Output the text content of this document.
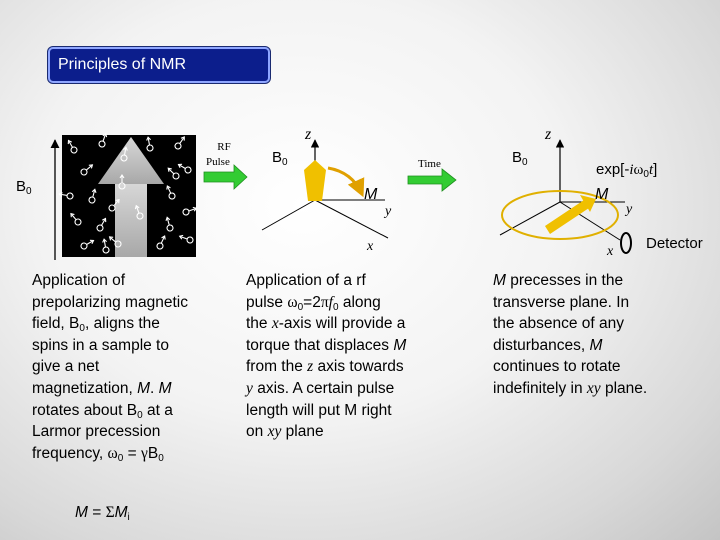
Principles of NMR
$B_0$
RF
Pulse	$B_0$
z
Time
M
y
x
$B_0$
z
$\exp[-i\omega_0t]$
M
y
x Detector
Application of
prepolarizing magnetic
field, $B_0$, aligns the
spins in a sample to
give a net
magnetization, M. M
rotates about $B_0$ at a
Larmor precession
frequency, $\omega_0 = \gamma B_0$
$M = \Sigma M_i$
Application of a rf
pulse $\omega_0=2\pi f_0$ along
the x-axis will provide a
torque that displaces M
from the z axis towards
y axis. A certain pulse
length will put M right
on xy plane
M precesses in the
transverse plane. In
the absence of any
disturbances, M
continues to rotate
indefinitely in xy plane.
